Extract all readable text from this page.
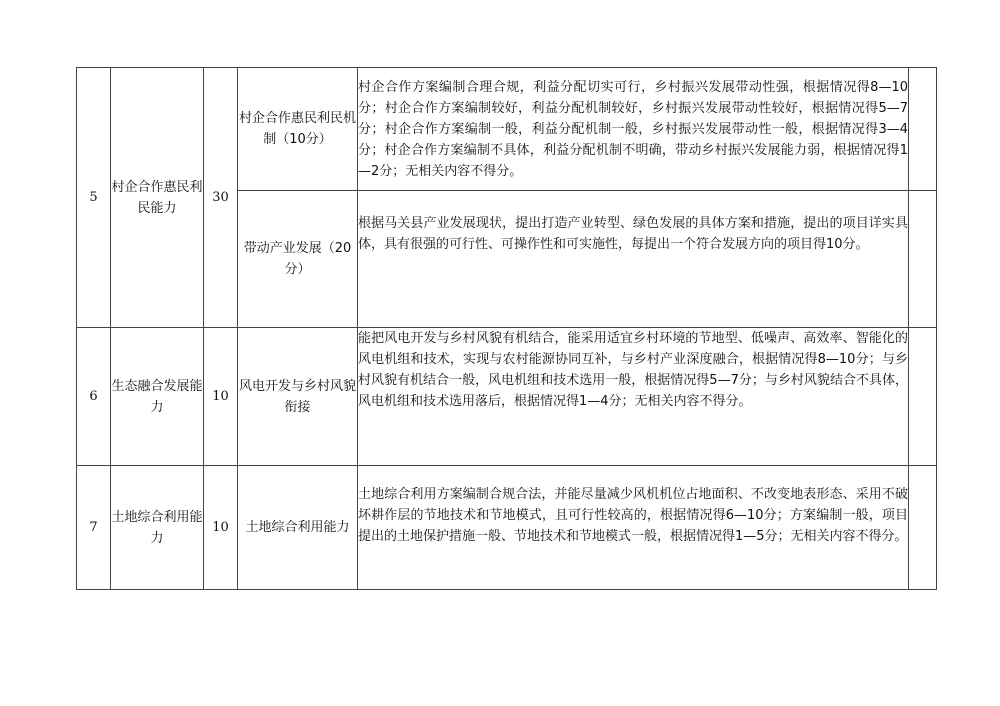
5	村企合作惠民利民能力	30	村企合作惠民利民机制（10分）	村企合作方案编制合理合规，利益分配切实可行，乡村振兴发展带动性强，根据情况得8—10分；村企合作方案编制较好，利益分配机制较好，乡村振兴发展带动性较好，根据情况得5—7分；村企合作方案编制一般，利益分配机制一般，乡村振兴发展带动性一般，根据情况得3—4分；村企合作方案编制不具体，利益分配机制不明确，带动乡村振兴发展能力弱，根据情况得1—2分；无相关内容不得分。	
			带动产业发展（20分）	根据马关县产业发展现状，提出打造产业转型、绿色发展的具体方案和措施，提出的项目详实具体，具有很强的可行性、可操作性和可实施性，每提出一个符合发展方向的项目得10分。	
6	生态融合发展能力	10	风电开发与乡村风貌衔接	能把风电开发与乡村风貌有机结合，能采用适宜乡村环境的节地型、低噪声、高效率、智能化的风电机组和技术，实现与农村能源协同互补，与乡村产业深度融合，根据情况得8—10分；与乡村风貌有机结合一般，风电机组和技术选用一般，根据情况得5—7分；与乡村风貌结合不具体，风电机组和技术选用落后，根据情况得1—4分；无相关内容不得分。	
7	土地综合利用能力	10	土地综合利用能力	土地综合利用方案编制合规合法，并能尽量减少风机机位占地面积、不改变地表形态、采用不破坏耕作层的节地技术和节地模式，且可行性较高的，根据情况得6—10分；方案编制一般，项目提出的土地保护措施一般、节地技术和节地模式一般，根据情况得1—5分；无相关内容不得分。	
